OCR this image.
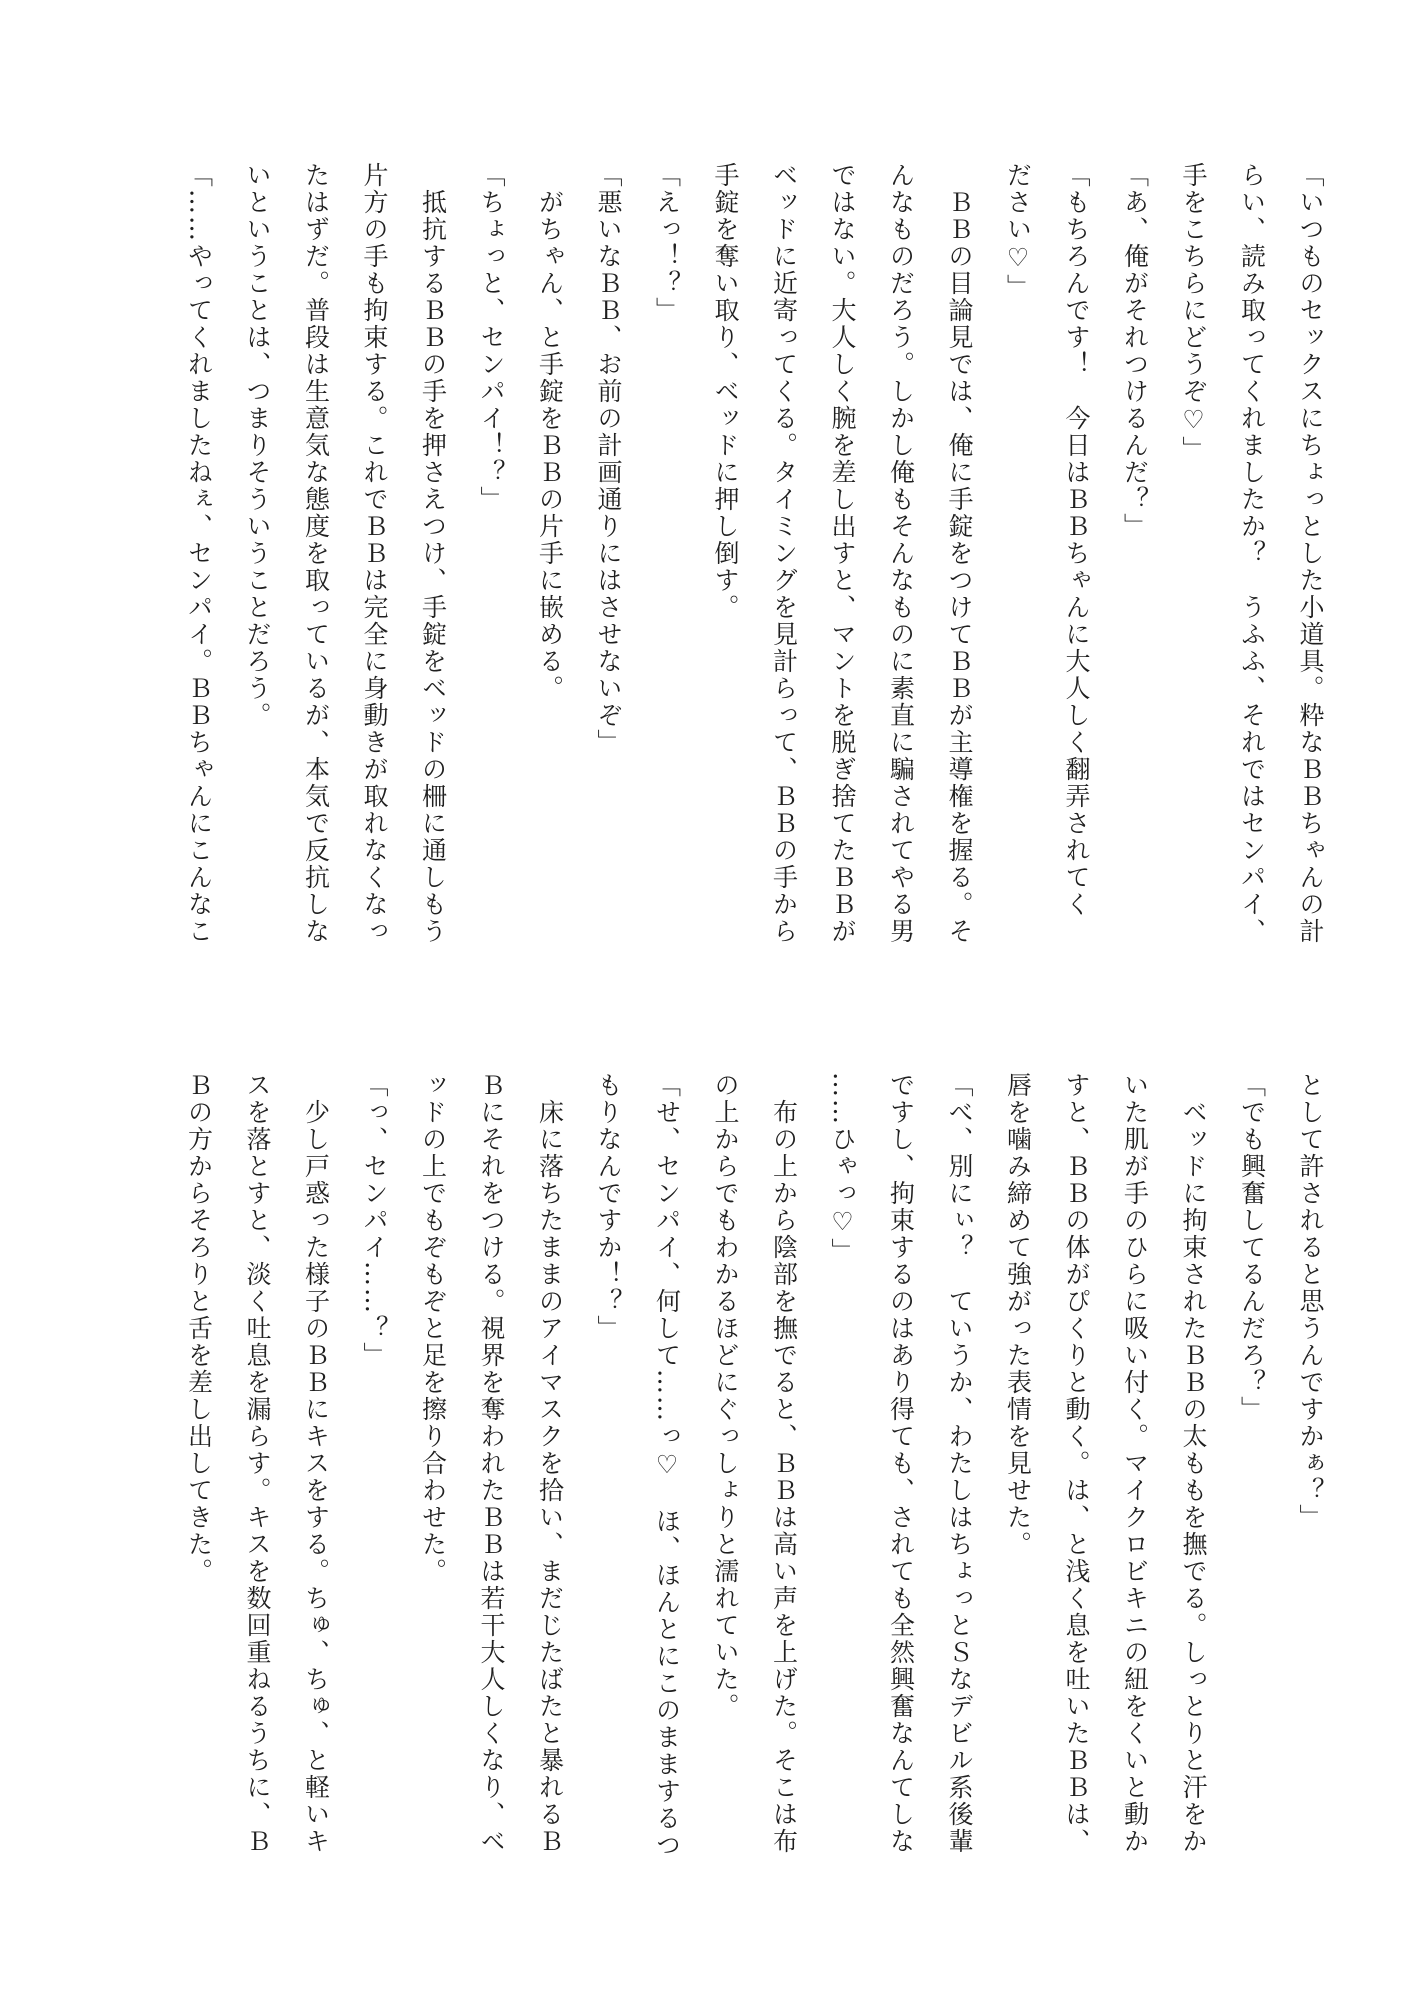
「いつものセックスにちょっとした小道具。粋なＢＢちゃんの計
らい、読み取ってくれましたか？　うふふ、それではセンパイ、
手をこちらにどうぞ♡」
「あ、俺がそれつけるんだ？」
「もちろんです！　今日はＢＢちゃんに大人しく翻弄されてく
ださい♡」
　ＢＢの目論見では、俺に手錠をつけてＢＢが主導権を握る。そ
んなものだろう。しかし俺もそんなものに素直に騙されてやる男
ではない。大人しく腕を差し出すと、マントを脱ぎ捨てたＢＢが
ベッドに近寄ってくる。タイミングを見計らって、ＢＢの手から
手錠を奪い取り、ベッドに押し倒す。
「えっ！？」
「悪いなＢＢ、お前の計画通りにはさせないぞ」
　がちゃん、と手錠をＢＢの片手に嵌める。
「ちょっと、センパイ！？」
　抵抗するＢＢの手を押さえつけ、手錠をベッドの柵に通しもう
片方の手も拘束する。これでＢＢは完全に身動きが取れなくなっ
たはずだ。普段は生意気な態度を取っているが、本気で反抗しな
いということは、つまりそういうことだろう。
「……やってくれましたねぇ、センパイ。ＢＢちゃんにこんなこ
として許されると思うんですかぁ？」
「でも興奮してるんだろ？」
　ベッドに拘束されたＢＢの太ももを撫でる。しっとりと汗をか
いた肌が手のひらに吸い付く。マイクロビキニの紐をくいと動か
すと、ＢＢの体がぴくりと動く。は、と浅く息を吐いたＢＢは、
唇を噛み締めて強がった表情を見せた。
「べ、別にぃ？　ていうか、わたしはちょっとＳなデビル系後輩
ですし、拘束するのはあり得ても、されても全然興奮なんてしな
……ひゃっ♡」
　布の上から陰部を撫でると、ＢＢは高い声を上げた。そこは布
の上からでもわかるほどにぐっしょりと濡れていた。
「せ、センパイ、何して……っ♡　ほ、ほんとにこのままするつ
もりなんですか！？」
　床に落ちたままのアイマスクを拾い、まだじたばたと暴れるＢ
Ｂにそれをつける。視界を奪われたＢＢは若干大人しくなり、ベ
ッドの上でもぞもぞと足を擦り合わせた。
「っ、センパイ……？」
　少し戸惑った様子のＢＢにキスをする。ちゅ、ちゅ、と軽いキ
スを落とすと、淡く吐息を漏らす。キスを数回重ねるうちに、Ｂ
Ｂの方からそろりと舌を差し出してきた。
